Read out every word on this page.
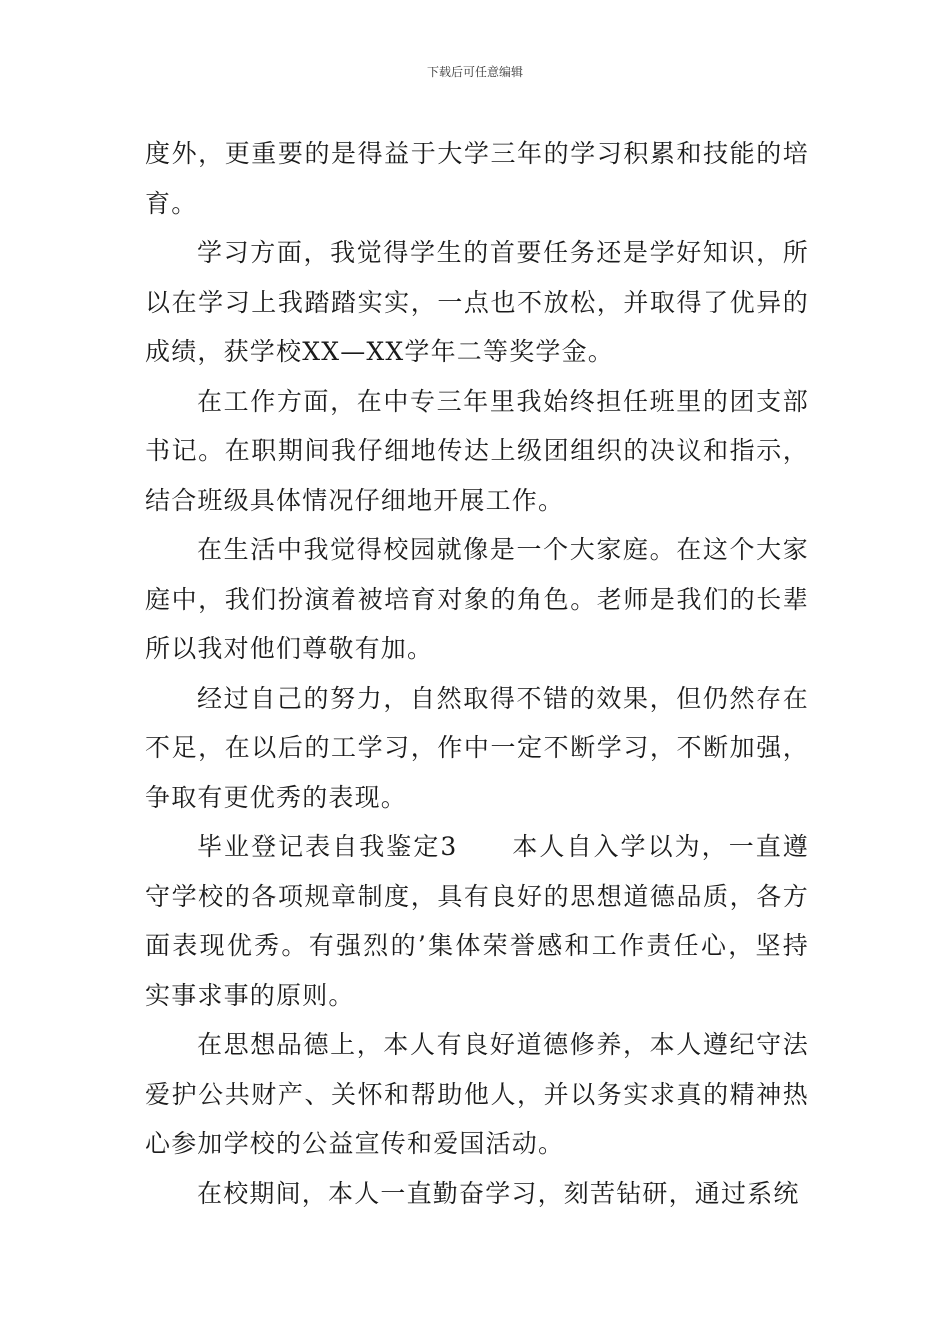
下载后可任意编辑

度外，更重要的是得益于大学三年的学习积累和技能的培育。

学习方面，我觉得学生的首要任务还是学好知识，所以在学习上我踏踏实实，一点也不放松，并取得了优异的成绩，获学校XX—XX学年二等奖学金。

在工作方面，在中专三年里我始终担任班里的团支部书记。在职期间我仔细地传达上级团组织的决议和指示，结合班级具体情况仔细地开展工作。

在生活中我觉得校园就像是一个大家庭。在这个大家庭中，我们扮演着被培育对象的角色。老师是我们的长辈所以我对他们尊敬有加。

经过自己的努力，自然取得不错的效果，但仍然存在不足，在以后的工学习，作中一定不断学习，不断加强，争取有更优秀的表现。

毕业登记表自我鉴定3　　本人自入学以为，一直遵守学校的各项规章制度，具有良好的思想道德品质，各方面表现优秀。有强烈的’集体荣誉感和工作责任心，坚持实事求事的原则。

在思想品德上，本人有良好道德修养，本人遵纪守法爱护公共财产、关怀和帮助他人，并以务实求真的精神热心参加学校的公益宣传和爱国活动。

在校期间，本人一直勤奋学习，刻苦钻研，通过系统
